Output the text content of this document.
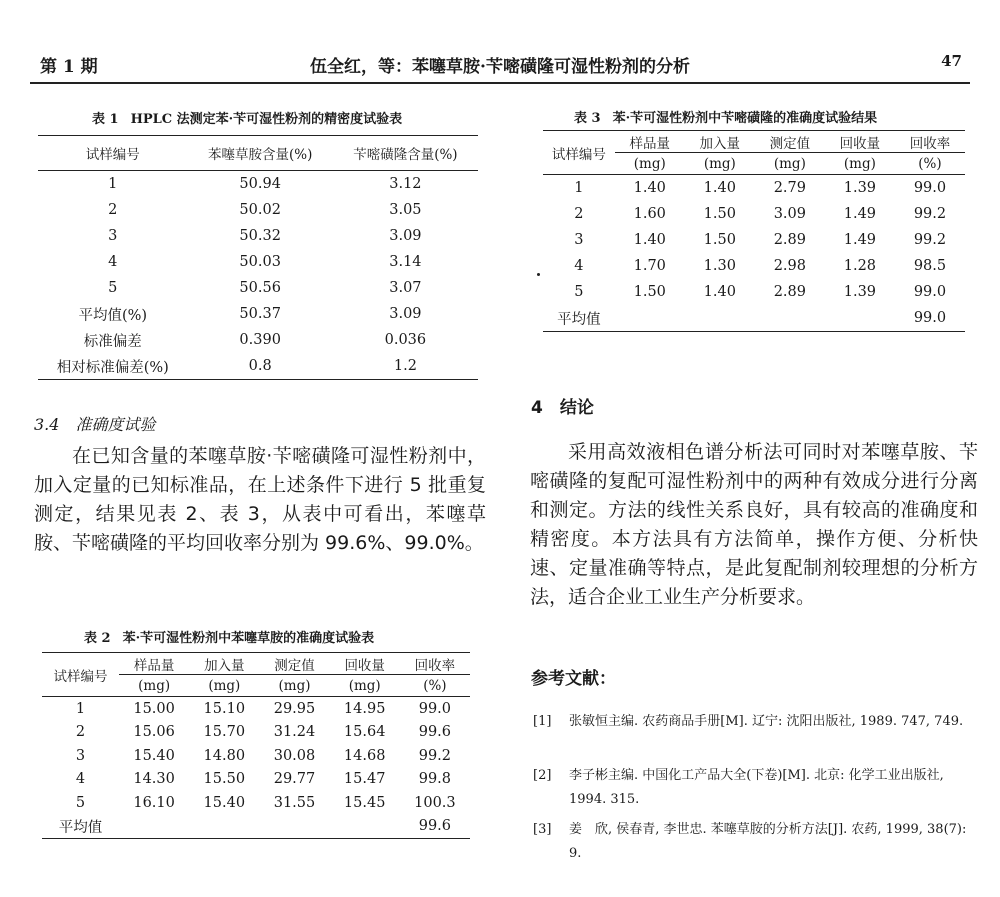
第 1 期	伍全红，等：苯噻草胺·苄嘧磺隆可湿性粉剂的分析	47
表 1 HPLC 法测定苯·苄可湿性粉剂的精密度试验表
试样编号	苯噻草胺含量(%)	苄嘧磺隆含量(%)
1	50.94	3.12
2	50.02	3.05
3	50.32	3.09
4	50.03	3.14
5	50.56	3.07
平均值(%)	50.37	3.09
标准偏差	0.390	0.036
相对标准偏差(%)	0.8	1.2
3.4　准确度试验

在已知含量的苯噻草胺·苄嘧磺隆可湿性粉剂中，加入定量的已知标准品，在上述条件下进行 5 批重复测定，结果见表 2、表 3，从表中可看出，苯噻草胺、苄嘧磺隆的平均回收率分别为 99.6%、99.0%。

表 2 苯·苄可湿性粉剂中苯噻草胺的准确度试验表
试样编号	样品量	加入量	测定值	回收量	回收率
	(mg)	(mg)	(mg)	(mg)	(%)
1	15.00	15.10	29.95	14.95	99.0
2	15.06	15.70	31.24	15.64	99.6
3	15.40	14.80	30.08	14.68	99.2
4	14.30	15.50	29.77	15.47	99.8
5	16.10	15.40	31.55	15.45	100.3
平均值					99.6
表 3 苯·苄可湿性粉剂中苄嘧磺隆的准确度试验结果
试样编号	样品量	加入量	测定值	回收量	回收率
	(mg)	(mg)	(mg)	(mg)	(%)
1	1.40	1.40	2.79	1.39	99.0
2	1.60	1.50	3.09	1.49	99.2
3	1.40	1.50	2.89	1.49	99.2
4	1.70	1.30	2.98	1.28	98.5
5	1.50	1.40	2.89	1.39	99.0
平均值					99.0
4　结论

采用高效液相色谱分析法可同时对苯噻草胺、苄嘧磺隆的复配可湿性粉剂中的两种有效成分进行分离和测定。方法的线性关系良好，具有较高的准确度和精密度。本方法具有方法简单，操作方便、分析快速、定量准确等特点，是此复配制剂较理想的分析方法，适合企业工业生产分析要求。

参考文献：
[1] 张敏恒主编. 农药商品手册[M]. 辽宁: 沈阳出版社, 1989. 747, 749.
[2] 李子彬主编. 中国化工产品大全(下卷)[M]. 北京: 化学工业出版社, 1994. 315.
[3] 姜　欣, 侯春青, 李世忠. 苯噻草胺的分析方法[J]. 农药, 1999, 38(7): 9.
